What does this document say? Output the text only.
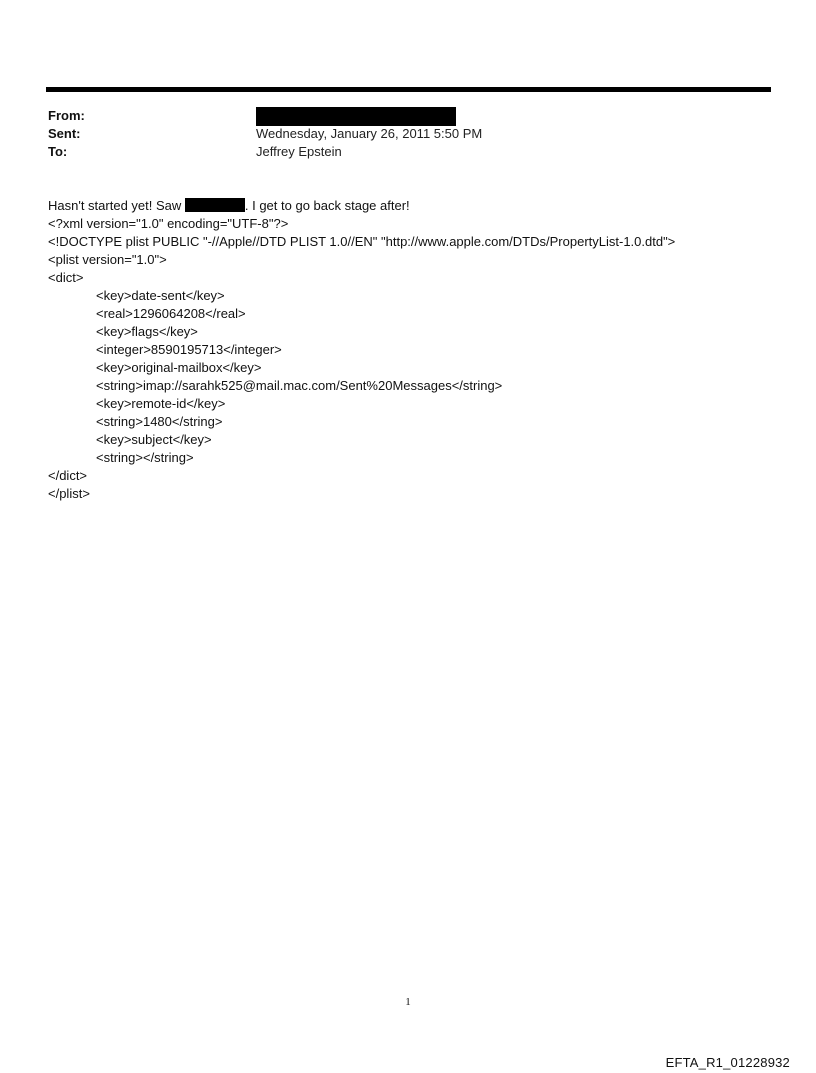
From:
Sent:	Wednesday, January 26, 2011 5:50 PM
To:	Jeffrey Epstein
Hasn't started yet! Saw	. I get to go back stage after!
<?xml version="1.0" encoding="UTF-8"?>
<!DOCTYPE plist PUBLIC "-//Apple//DTD PLIST 1.0//EN" "http://www.apple.com/DTDs/PropertyList-1.0.dtd">
<plist version="1.0">
<dict>
<key>date-sent</key>
<real>1296064208</real>
<key>flags</key>
<integer>8590195713</integer>
<key>original-mailbox</key>
<string>imap://sarahk525@mail.mac.com/Sent%20Messages</string>
<key>remote-id</key>
<string>1480</string>
<key>subject</key>
<string></string>
</dict>
</plist>
1
EFTA_R1_01228932
